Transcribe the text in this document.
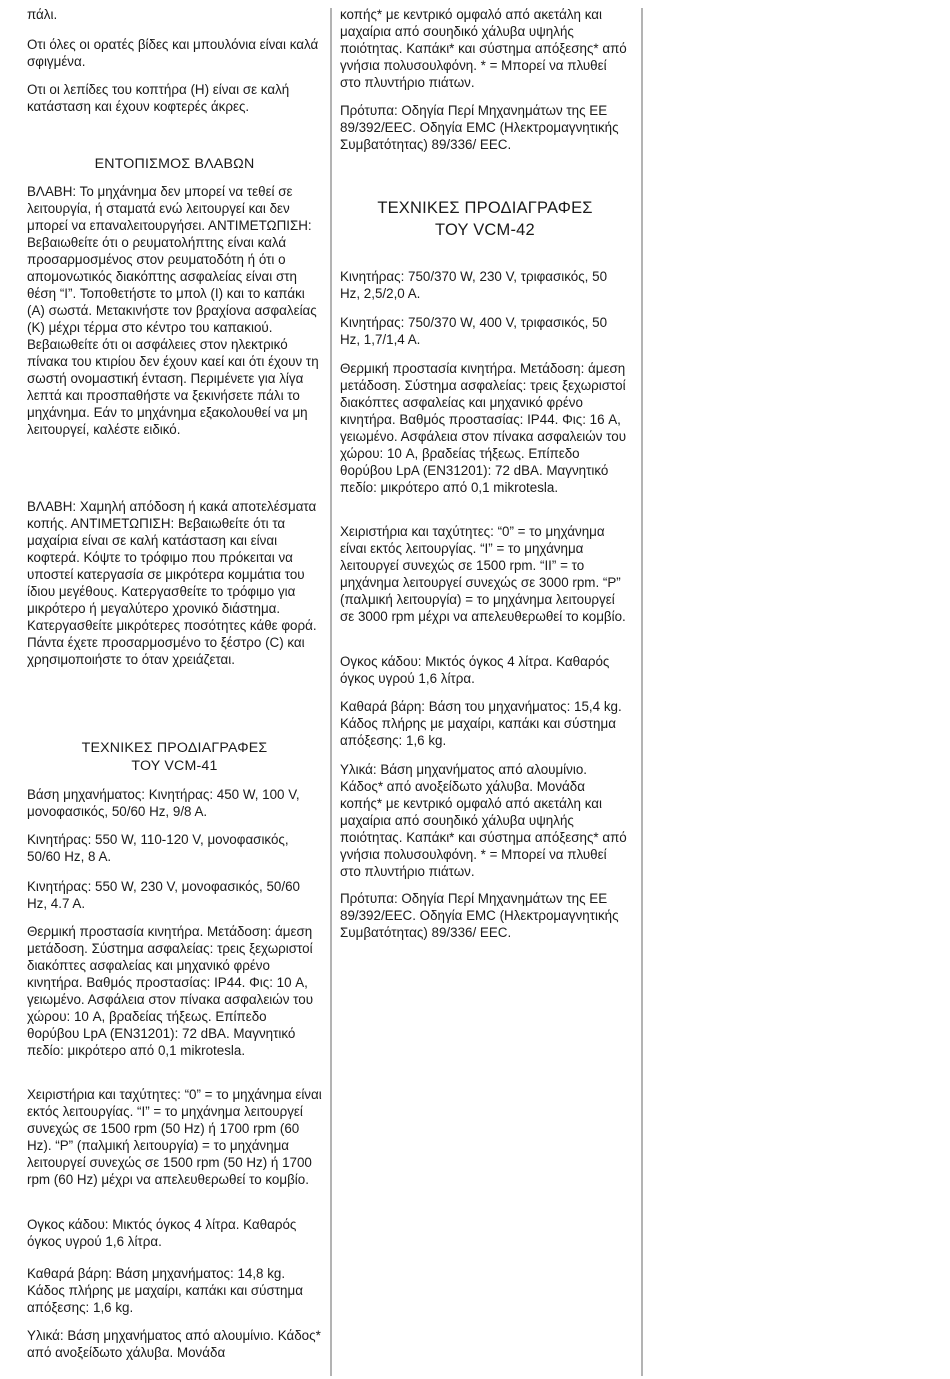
πάλι.

Οτι όλες οι ορατές βίδες και μπουλόνια είναι καλά σφιγμένα.

Οτι οι λεπίδες του κοπτήρα (H) είναι σε καλή κατάσταση και έχουν κοφτερές άκρες.

ΕΝΤΟΠΙΣΜΟΣ ΒΛΑΒΩΝ

ΒΛΑΒΗ: Το μηχάνημα δεν μπορεί να τεθεί σε λειτουργία, ή σταματά ενώ λειτουργεί και δεν μπορεί να επαναλειτουργήσει. ΑΝΤΙΜΕΤΩΠΙΣΗ: Βεβαιωθείτε ότι ο ρευματολήπτης είναι καλά προσαρμοσμένος στον ρευματοδότη ή ότι ο απομονωτικός διακόπτης ασφαλείας είναι στη θέση “I”. Τοποθετήστε το μπολ (I) και το καπάκι (A) σωστά. Μετακινήστε τον βραχίονα ασφαλείας (K) μέχρι τέρμα στο κέντρο του καπακιού. Βεβαιωθείτε ότι οι ασφάλειες στον ηλεκτρικό πίνακα του κτιρίου δεν έχουν καεί και ότι έχουν τη σωστή ονομαστική ένταση. Περιμένετε για λίγα λεπτά και προσπαθήστε να ξεκινήσετε πάλι το μηχάνημα. Εάν το μηχάνημα εξακολουθεί να μη λειτουργεί, καλέστε ειδικό.

ΒΛΑΒΗ: Χαμηλή απόδοση ή κακά αποτελέσματα κοπής. ΑΝΤΙΜΕΤΩΠΙΣΗ: Βεβαιωθείτε ότι τα μαχαίρια είναι σε καλή κατάσταση και είναι κοφτερά. Κόψτε το τρόφιμο που πρόκειται να υποστεί κατεργασία σε μικρότερα κομμάτια του ίδιου μεγέθους. Κατεργασθείτε το τρόφιμο για μικρότερο ή μεγαλύτερο χρονικό διάστημα. Κατεργασθείτε μικρότερες ποσότητες κάθε φορά. Πάντα έχετε προσαρμοσμένο το ξέστρο (C) και χρησιμοποιήστε το όταν χρειάζεται.

ΤΕΧΝΙΚΕΣ ΠΡΟΔΙΑΓΡΑΦΕΣ
ΤΟΥ VCM-41

Βάση μηχανήματος: Κινητήρας: 450 W, 100 V, μονοφασικός, 50/60 Hz, 9/8 A.

Κινητήρας: 550 W, 110-120 V, μονοφασικός, 50/60 Hz, 8 A.

Κινητήρας: 550 W, 230 V, μονοφασικός, 50/60 Hz, 4.7 A.

Θερμική προστασία κινητήρα. Μετάδοση: άμεση μετάδοση. Σύστημα ασφαλείας: τρεις ξεχωριστοί διακόπτες ασφαλείας και μηχανικό φρένο κινητήρα. Βαθμός προστασίας: IP44. Φις: 10 A, γειωμένο. Ασφάλεια στον πίνακα ασφαλειών του χώρου: 10 A, βραδείας τήξεως. Επίπεδο θορύβου LpA (EN31201): 72 dBA. Μαγνητικό πεδίο: μικρότερο από 0,1 mikrotesla.

Χειριστήρια και ταχύτητες: “0” = το μηχάνημα είναι εκτός λειτουργίας. “I” = το μηχάνημα λειτουργεί συνεχώς σε 1500 rpm (50 Hz) ή 1700 rpm (60 Hz). “P” (παλμική λειτουργία) = το μηχάνημα λειτουργεί συνεχώς σε 1500 rpm (50 Hz) ή 1700 rpm (60 Hz) μέχρι να απελευθερωθεί το κομβίο.

Ογκος κάδου: Μικτός όγκος 4 λίτρα. Καθαρός όγκος υγρού 1,6 λίτρα.

Καθαρά βάρη: Βάση μηχανήματος: 14,8 kg. Κάδος πλήρης με μαχαίρι, καπάκι και σύστημα απόξεσης: 1,6 kg.

Υλικά: Βάση μηχανήματος από αλουμίνιο. Κάδος* από ανοξείδωτο χάλυβα. Μονάδα

κοπής* με κεντρικό ομφαλό από ακετάλη και μαχαίρια από σουηδικό χάλυβα υψηλής ποιότητας. Καπάκι* και σύστημα απόξεσης* από γνήσια πολυσουλφόνη. * = Μπορεί να πλυθεί στο πλυντήριο πιάτων.

Πρότυπα: Οδηγία Περί Μηχανημάτων της ΕΕ 89/392/EEC. Οδηγία EMC (Ηλεκτρομαγνητικής Συμβατότητας) 89/336/ EEC.

ΤΕΧΝΙΚΕΣ ΠΡΟΔΙΑΓΡΑΦΕΣ
ΤΟΥ VCM-42

Κινητήρας: 750/370 W, 230 V, τριφασικός, 50 Hz, 2,5/2,0 A.

Κινητήρας: 750/370 W, 400 V, τριφασικός, 50 Hz, 1,7/1,4 A.

Θερμική προστασία κινητήρα. Μετάδοση: άμεση μετάδοση. Σύστημα ασφαλείας: τρεις ξεχωριστοί διακόπτες ασφαλείας και μηχανικό φρένο κινητήρα. Βαθμός προστασίας: IP44. Φις: 16 A, γειωμένο. Ασφάλεια στον πίνακα ασφαλειών του χώρου: 10 A, βραδείας τήξεως. Επίπεδο θορύβου LpA (EN31201): 72 dBA. Μαγνητικό πεδίο: μικρότερο από 0,1 mikrotesla.

Χειριστήρια και ταχύτητες: “0” = το μηχάνημα είναι εκτός λειτουργίας. “I” = το μηχάνημα λειτουργεί συνεχώς σε 1500 rpm. “II” = το μηχάνημα λειτουργεί συνεχώς σε 3000 rpm. “P” (παλμική λειτουργία) = το μηχάνημα λειτουργεί σε 3000 rpm μέχρι να απελευθερωθεί το κομβίο.

Ογκος κάδου: Μικτός όγκος 4 λίτρα. Καθαρός όγκος υγρού 1,6 λίτρα.

Καθαρά βάρη: Βάση του μηχανήματος: 15,4 kg. Κάδος πλήρης με μαχαίρι, καπάκι και σύστημα απόξεσης: 1,6 kg.

Υλικά: Βάση μηχανήματος από αλουμίνιο. Κάδος* από ανοξείδωτο χάλυβα. Μονάδα κοπής* με κεντρικό ομφαλό από ακετάλη και μαχαίρια από σουηδικό χάλυβα υψηλής ποιότητας. Καπάκι* και σύστημα απόξεσης* από γνήσια πολυσουλφόνη. * = Μπορεί να πλυθεί στο πλυντήριο πιάτων.

Πρότυπα: Οδηγία Περί Μηχανημάτων της ΕΕ 89/392/EEC. Οδηγία EMC (Ηλεκτρομαγνητικής Συμβατότητας) 89/336/ EEC.
